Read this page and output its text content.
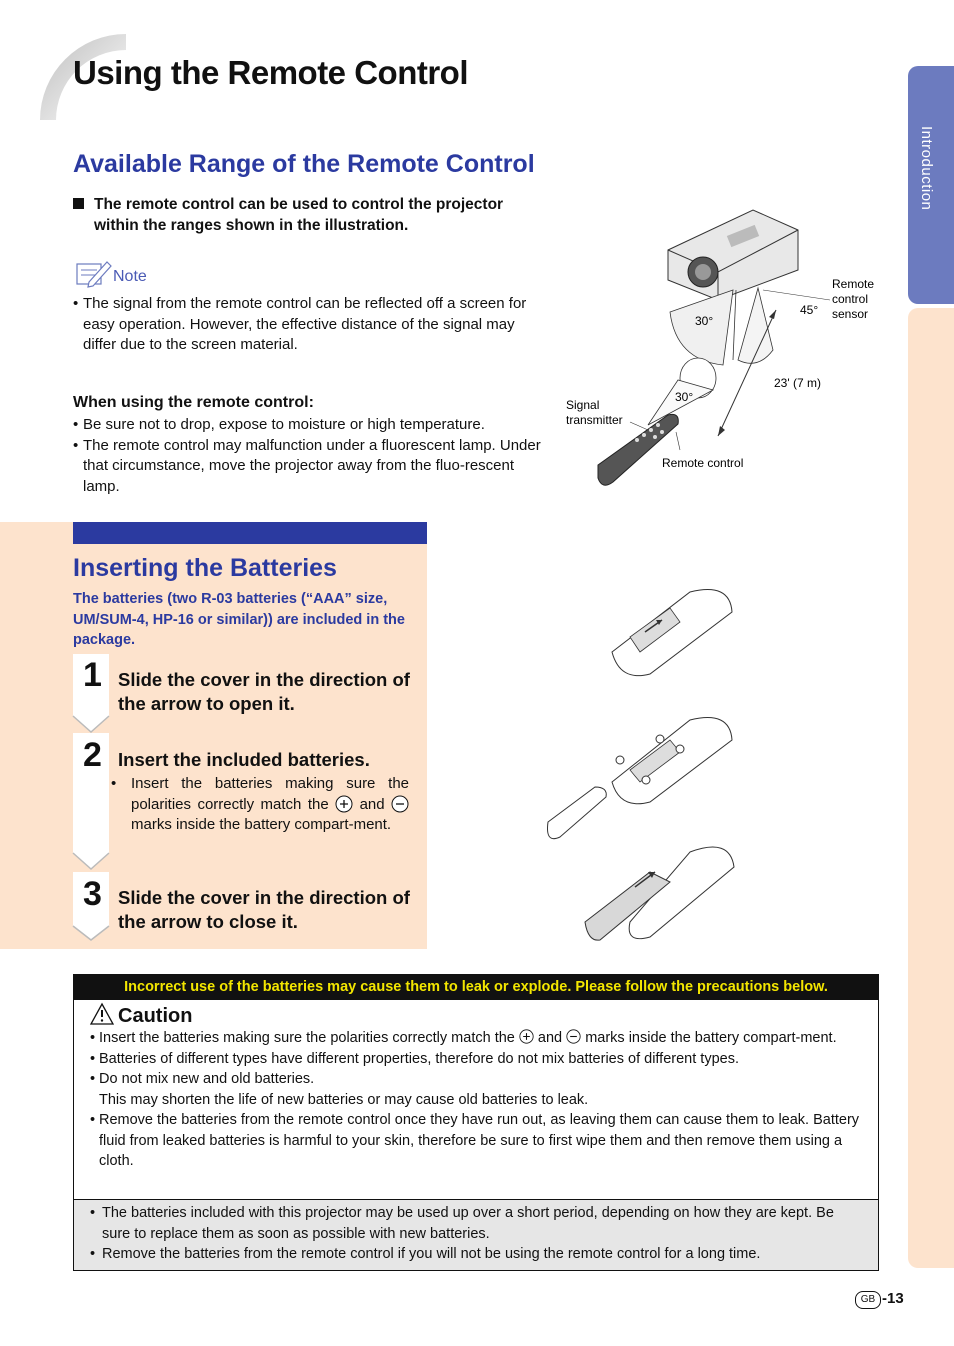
Using the Remote Control
Introduction
Available Range of the Remote Control
The remote control can be used to control the projector
within the ranges shown in the illustration.
Note
• The signal from the remote control can be reflected off a screen for easy operation. However, the effective distance of the signal may differ due to the screen material.
When using the remote control:
• Be sure not to drop, expose to moisture or high temperature.
• The remote control may malfunction under a fluorescent lamp. Under that circumstance, move the projector away from the fluo-rescent lamp.
Remote
control
sensor
45°
30°
30°
23' (7 m)
Signal
transmitter
Remote control
Inserting the Batteries
The batteries (two R-03 batteries (“AAA” size, UM/SUM-4, HP-16 or similar)) are included in the package.
1 Slide the cover in the direction of the arrow to open it.
2 Insert the included batteries.
• Insert the batteries making sure the polarities correctly match the and  marks inside the battery compart-ment.
3 Slide the cover in the direction of the arrow to close it.
Incorrect use of the batteries may cause them to leak or explode. Please follow the precautions below.
Caution
• Insert the batteries making sure the polarities correctly match the and marks inside the battery compart-ment.
• Batteries of different types have different properties, therefore do not mix batteries of different types.
• Do not mix new and old batteries.
This may shorten the life of new batteries or may cause old batteries to leak.
• Remove the batteries from the remote control once they have run out, as leaving them can cause them to leak. Battery fluid from leaked batteries is harmful to your skin, therefore be sure to first wipe them and then remove them using a cloth.
• The batteries included with this projector may be used up over a short period, depending on how they are kept. Be sure to replace them as soon as possible with new batteries.
• Remove the batteries from the remote control if you will not be using the remote control for a long time.
GB -13
